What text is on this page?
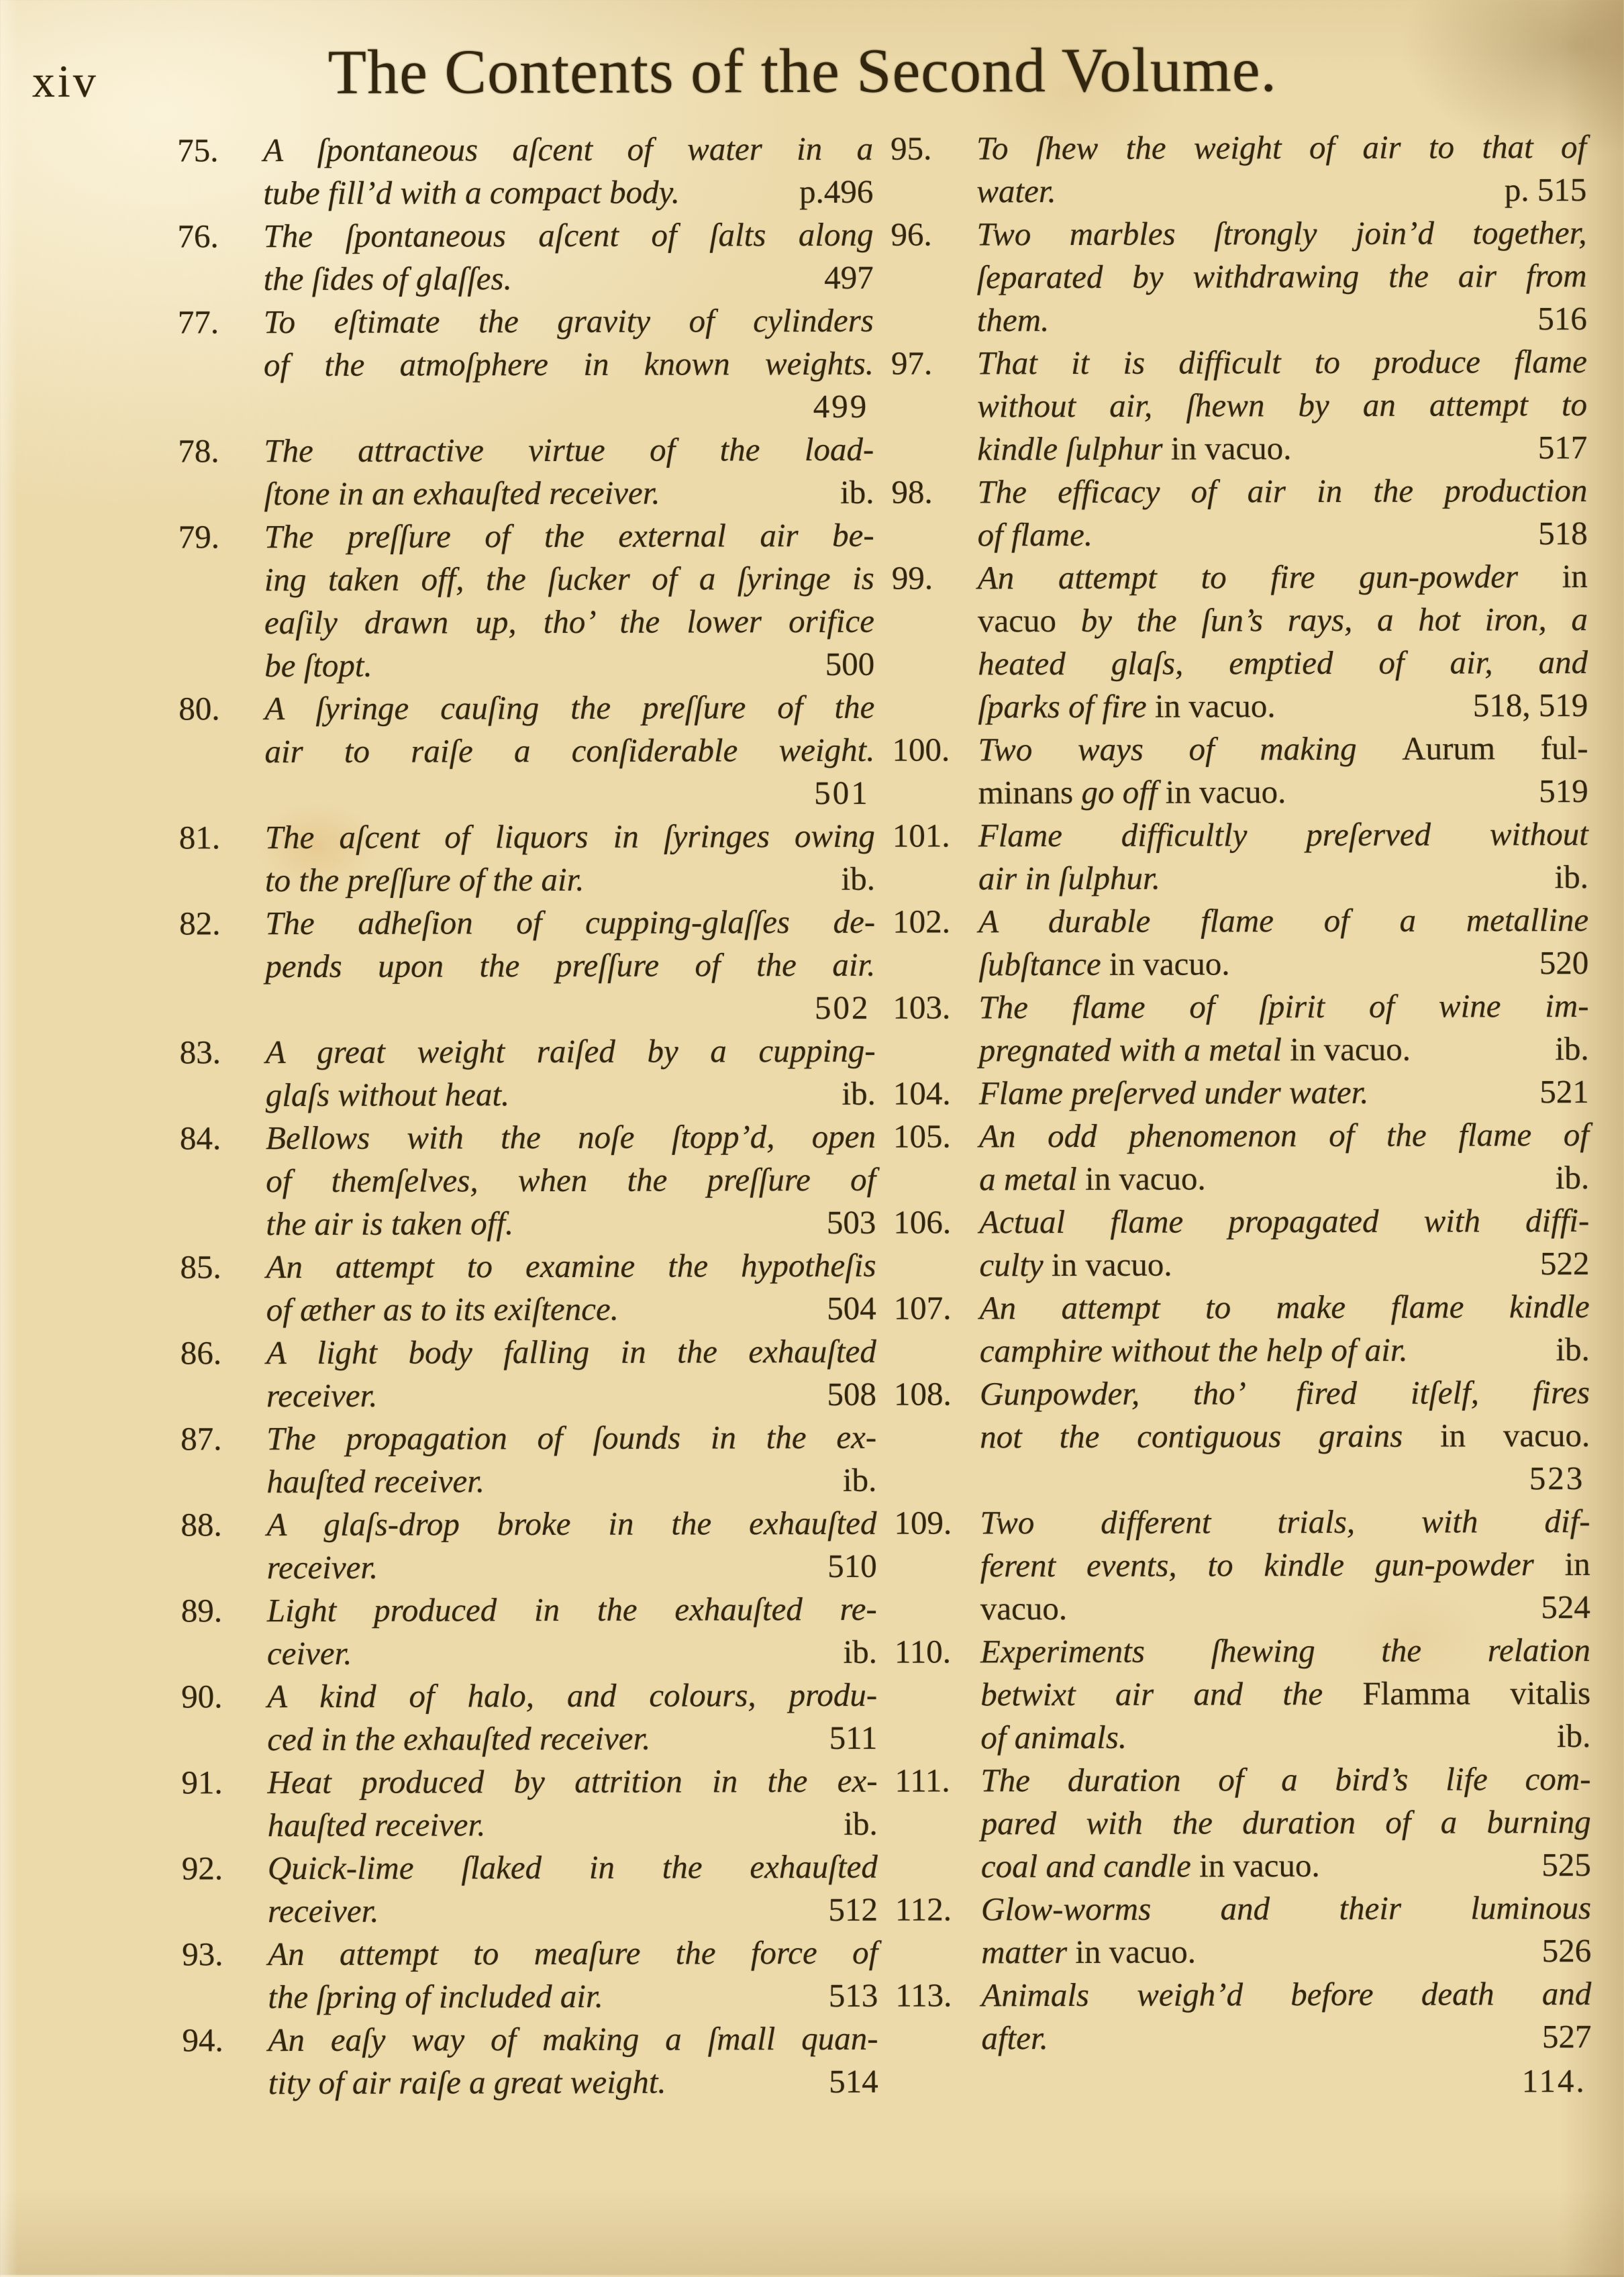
xiv	The Contents of the Second Volume.
75. A ſpontaneous aſcent of water in a
p.496
tube fill’d with a compact body.
76. The ſpontaneous aſcent of ſalts along
497
the ſides of glaſſes.
77. To eſtimate the gravity of cylinders
of the atmoſphere in known weights.
499
78. The attractive virtue of the load-
ib.
ſtone in an exhauſted receiver.
79. The preſſure of the external air be-
ing taken off, the ſucker of a ſyringe is
eaſily drawn up, tho’ the lower orifice
500
be ſtopt.
80. A ſyringe cauſing the preſſure of the
air to raiſe a conſiderable weight.
501
81. The aſcent of liquors in ſyringes owing
ib.
to the preſſure of the air.
82. The adheſion of cupping-glaſſes de-
pends upon the preſſure of the air.
502
83. A great weight raiſed by a cupping-
ib.
glaſs without heat.
84. Bellows with the noſe ſtopp’d, open
of themſelves, when the preſſure of
503
the air is taken off.
85. An attempt to examine the hypotheſis
504
of æther as to its exiſtence.
86. A light body falling in the exhauſted
508
receiver.
87. The propagation of ſounds in the ex-
ib.
hauſted receiver.
88. A glaſs-drop broke in the exhauſted
510
receiver.
89. Light produced in the exhauſted re-
ib.
ceiver.
90. A kind of halo, and colours, produ-
511
ced in the exhauſted receiver.
91. Heat produced by attrition in the ex-
ib.
hauſted receiver.
92. Quick-lime ſlaked in the exhauſted
512
receiver.
93. An attempt to meaſure the force of
513
the ſpring of included air.
94. An eaſy way of making a ſmall quan-
514
tity of air raiſe a great weight.
95. To ſhew the weight of air to that of
p. 515
water.
96. Two marbles ſtrongly join’d together,
ſeparated by withdrawing the air from
516
them.
97. That it is difficult to produce flame
without air, ſhewn by an attempt to
517
kindle ſulphur in vacuo.
98. The efficacy of air in the production
518
of flame.
99. An attempt to fire gun-powder in
vacuo by the ſun’s rays, a hot iron, a
heated glaſs, emptied of air, and
518, 519
ſparks of fire in vacuo.
100. Two ways of making Aurum ful-
519
minans go off in vacuo.
101. Flame difficultly preſerved without
ib.
air in ſulphur.
102. A durable flame of a metalline
520
ſubſtance in vacuo.
103. The flame of ſpirit of wine im-
ib.
pregnated with a metal in vacuo.
104.	521
Flame preſerved under water.
105. An odd phenomenon of the flame of
ib.
a metal in vacuo.
106. Actual flame propagated with diffi-
522
culty in vacuo.
107. An attempt to make flame kindle
ib.
camphire without the help of air.
108. Gunpowder, tho’ fired itſelf, fires
not the contiguous grains in vacuo.
523
109. Two different trials, with dif-
ferent events, to kindle gun-powder in
524
vacuo.
110. Experiments ſhewing the relation
betwixt air and the Flamma vitalis
ib.
of animals.
111. The duration of a bird’s life com-
pared with the duration of a burning
525
coal and candle in vacuo.
112. Glow-worms and their luminous
526
matter in vacuo.
113. Animals weigh’d before death and
527
after.
114.
